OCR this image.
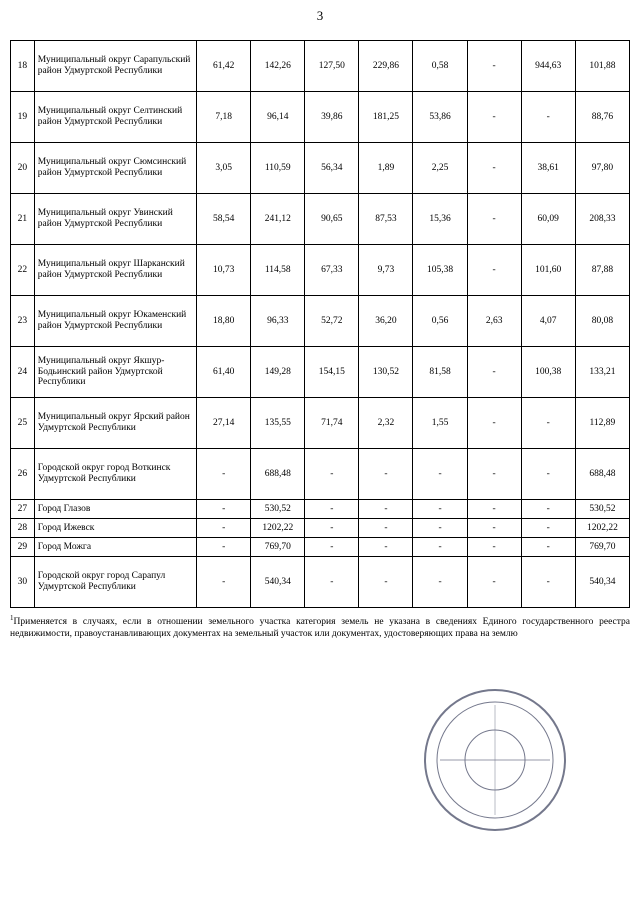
3
18	Муниципальный округ Сарапульский район Удмуртской Республики	61,42	142,26	127,50	229,86	0,58	-	944,63	101,88
19	Муниципальный округ Селтинский район Удмуртской Республики	7,18	96,14	39,86	181,25	53,86	-	-	88,76
20	Муниципальный округ Сюмсинский район Удмуртской Республики	3,05	110,59	56,34	1,89	2,25	-	38,61	97,80
21	Муниципальный округ Увинский район Удмуртской Республики	58,54	241,12	90,65	87,53	15,36	-	60,09	208,33
22	Муниципальный округ Шарканский район Удмуртской Республики	10,73	114,58	67,33	9,73	105,38	-	101,60	87,88
23	Муниципальный округ Юкаменский район Удмуртской Республики	18,80	96,33	52,72	36,20	0,56	2,63	4,07	80,08
24	Муниципальный округ Якшур-Бодьинский район Удмуртской Республики	61,40	149,28	154,15	130,52	81,58	-	100,38	133,21
25	Муниципальный округ Ярский район Удмуртской Республики	27,14	135,55	71,74	2,32	1,55	-	-	112,89
26	Городской округ город Воткинск Удмуртской Республики	-	688,48	-	-	-	-	-	688,48
27	Город Глазов	-	530,52	-	-	-	-	-	530,52
28	Город Ижевск	-	1202,22	-	-	-	-	-	1202,22
29	Город Можга	-	769,70	-	-	-	-	-	769,70
30	Городской округ город Сарапул Удмуртской Республики	-	540,34	-	-	-	-	-	540,34
$^1$Применяется в случаях, если в отношении земельного участка категория земель не указана в сведениях Единого государственного реестра недвижимости, правоустанавливающих документах на земельный участок или документах, удостоверяющих права на землю
